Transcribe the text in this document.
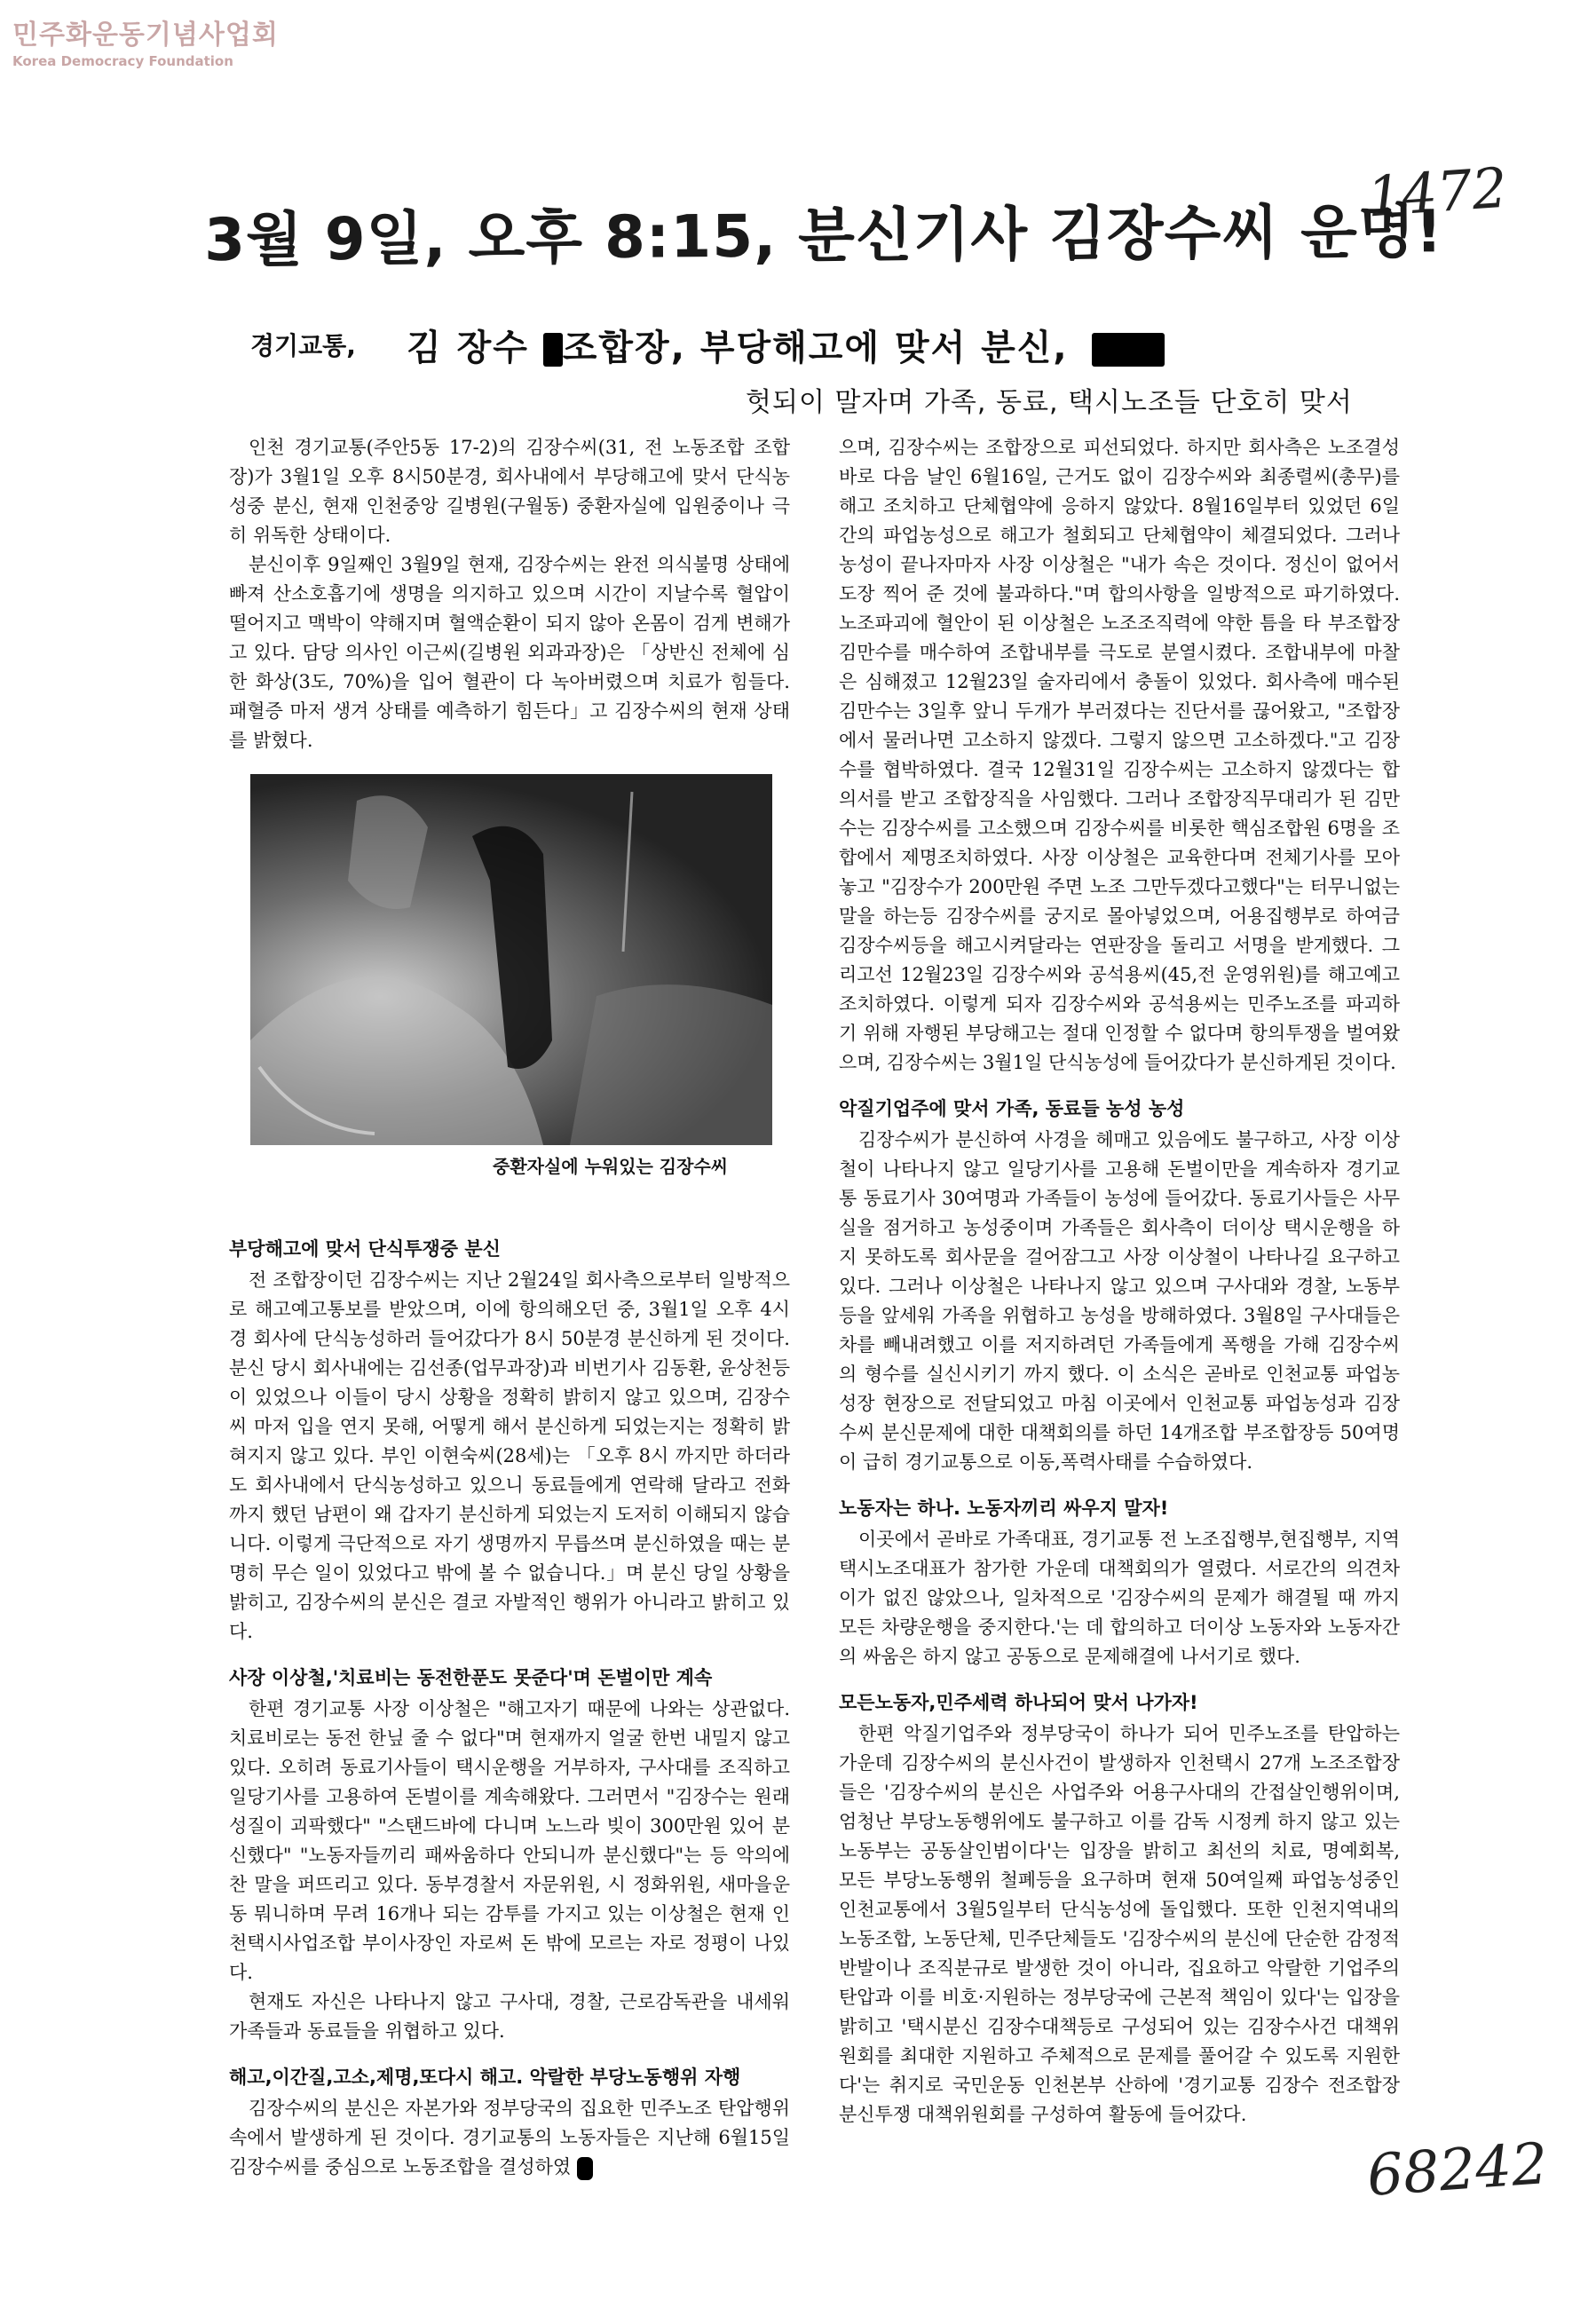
민주화운동기념사업회
Korea Democracy Foundation
1472
3월 9일, 오후 8:15, 분신기사 김장수씨 운명!
경기교통, 김 장수 조합장, 부당해고에 맞서 분신,
헛되이 말자며 가족, 동료, 택시노조들 단호히 맞서

인천 경기교통(주안5동 17-2)의 김장수씨(31, 전 노동조합 조합장)가 3월1일 오후 8시50분경, 회사내에서 부당해고에 맞서 단식농성중 분신, 현재 인천중앙 길병원(구월동) 중환자실에 입원중이나 극히 위독한 상태이다.

분신이후 9일째인 3월9일 현재, 김장수씨는 완전 의식불명 상태에 빠져 산소호흡기에 생명을 의지하고 있으며 시간이 지날수록 혈압이 떨어지고 맥박이 약해지며 혈액순환이 되지 않아 온몸이 검게 변해가고 있다. 담당 의사인 이근씨(길병원 외과과장)은 「상반신 전체에 심한 화상(3도, 70%)을 입어 혈관이 다 녹아버렸으며 치료가 힘들다. 패혈증 마저 생겨 상태를 예측하기 힘든다」고 김장수씨의 현재 상태를 밝혔다.

중환자실에 누워있는 김장수씨
부당해고에 맞서 단식투쟁중 분신

전 조합장이던 김장수씨는 지난 2월24일 회사측으로부터 일방적으로 해고예고통보를 받았으며, 이에 항의해오던 중, 3월1일 오후 4시경 회사에 단식농성하러 들어갔다가 8시 50분경 분신하게 된 것이다. 분신 당시 회사내에는 김선종(업무과장)과 비번기사 김동환, 윤상천등이 있었으나 이들이 당시 상황을 정확히 밝히지 않고 있으며, 김장수씨 마저 입을 연지 못해, 어떻게 해서 분신하게 되었는지는 정확히 밝혀지지 않고 있다. 부인 이현숙씨(28세)는 「오후 8시 까지만 하더라도 회사내에서 단식농성하고 있으니 동료들에게 연락해 달라고 전화까지 했던 남편이 왜 갑자기 분신하게 되었는지 도저히 이해되지 않습니다. 이렇게 극단적으로 자기 생명까지 무릅쓰며 분신하였을 때는 분명히 무슨 일이 있었다고 밖에 볼 수 없습니다.」며 분신 당일 상황을 밝히고, 김장수씨의 분신은 결코 자발적인 행위가 아니라고 밝히고 있다.

사장 이상철,'치료비는 동전한푼도 못준다'며 돈벌이만 계속

한편 경기교통 사장 이상철은 "해고자기 때문에 나와는 상관없다. 치료비로는 동전 한닢 줄 수 없다"며 현재까지 얼굴 한번 내밀지 않고 있다. 오히려 동료기사들이 택시운행을 거부하자, 구사대를 조직하고 일당기사를 고용하여 돈벌이를 계속해왔다. 그러면서 "김장수는 원래 성질이 괴팍했다" "스탠드바에 다니며 노느라 빚이 300만원 있어 분신했다" "노동자들끼리 패싸움하다 안되니까 분신했다"는 등 악의에 찬 말을 퍼뜨리고 있다. 동부경찰서 자문위원, 시 정화위원, 새마을운동 뭐니하며 무려 16개나 되는 감투를 가지고 있는 이상철은 현재 인천택시사업조합 부이사장인 자로써 돈 밖에 모르는 자로 정평이 나있다.

현재도 자신은 나타나지 않고 구사대, 경찰, 근로감독관을 내세워 가족들과 동료들을 위협하고 있다.

해고,이간질,고소,제명,또다시 해고. 악랄한 부당노동행위 자행

김장수씨의 분신은 자본가와 정부당국의 집요한 민주노조 탄압행위 속에서 발생하게 된 것이다. 경기교통의 노동자들은 지난해 6월15일 김장수씨를 중심으로 노동조합을 결성하였

으며, 김장수씨는 조합장으로 피선되었다. 하지만 회사측은 노조결성 바로 다음 날인 6월16일, 근거도 없이 김장수씨와 최종렬씨(총무)를 해고 조치하고 단체협약에 응하지 않았다. 8월16일부터 있었던 6일간의 파업농성으로 해고가 철회되고 단체협약이 체결되었다. 그러나 농성이 끝나자마자 사장 이상철은 "내가 속은 것이다. 정신이 없어서 도장 찍어 준 것에 불과하다."며 합의사항을 일방적으로 파기하였다. 노조파괴에 혈안이 된 이상철은 노조조직력에 약한 틈을 타 부조합장 김만수를 매수하여 조합내부를 극도로 분열시켰다. 조합내부에 마찰은 심해졌고 12월23일 술자리에서 충돌이 있었다. 회사측에 매수된 김만수는 3일후 앞니 두개가 부러졌다는 진단서를 끊어왔고, "조합장에서 물러나면 고소하지 않겠다. 그렇지 않으면 고소하겠다."고 김장수를 협박하였다. 결국 12월31일 김장수씨는 고소하지 않겠다는 합의서를 받고 조합장직을 사임했다. 그러나 조합장직무대리가 된 김만수는 김장수씨를 고소했으며 김장수씨를 비롯한 핵심조합원 6명을 조합에서 제명조치하였다. 사장 이상철은 교육한다며 전체기사를 모아놓고 "김장수가 200만원 주면 노조 그만두겠다고했다"는 터무니없는 말을 하는등 김장수씨를 궁지로 몰아넣었으며, 어용집행부로 하여금 김장수씨등을 해고시켜달라는 연판장을 돌리고 서명을 받게했다. 그리고선 12월23일 김장수씨와 공석용씨(45,전 운영위원)를 해고예고조치하였다. 이렇게 되자 김장수씨와 공석용씨는 민주노조를 파괴하기 위해 자행된 부당해고는 절대 인정할 수 없다며 항의투쟁을 벌여왔으며, 김장수씨는 3월1일 단식농성에 들어갔다가 분신하게된 것이다.

악질기업주에 맞서 가족, 동료들 농성 농성

김장수씨가 분신하여 사경을 헤매고 있음에도 불구하고, 사장 이상철이 나타나지 않고 일당기사를 고용해 돈벌이만을 계속하자 경기교통 동료기사 30여명과 가족들이 농성에 들어갔다. 동료기사들은 사무실을 점거하고 농성중이며 가족들은 회사측이 더이상 택시운행을 하지 못하도록 회사문을 걸어잠그고 사장 이상철이 나타나길 요구하고 있다. 그러나 이상철은 나타나지 않고 있으며 구사대와 경찰, 노동부등을 앞세워 가족을 위협하고 농성을 방해하였다. 3월8일 구사대들은 차를 빼내려했고 이를 저지하려던 가족들에게 폭행을 가해 김장수씨의 형수를 실신시키기 까지 했다. 이 소식은 곧바로 인천교통 파업농성장 현장으로 전달되었고 마침 이곳에서 인천교통 파업농성과 김장수씨 분신문제에 대한 대책회의를 하던 14개조합 부조합장등 50여명이 급히 경기교통으로 이동,폭력사태를 수습하였다.

노동자는 하나. 노동자끼리 싸우지 말자!

이곳에서 곧바로 가족대표, 경기교통 전 노조집행부,현집행부, 지역 택시노조대표가 참가한 가운데 대책회의가 열렸다. 서로간의 의견차이가 없진 않았으나, 일차적으로 '김장수씨의 문제가 해결될 때 까지 모든 차량운행을 중지한다.'는 데 합의하고 더이상 노동자와 노동자간의 싸움은 하지 않고 공동으로 문제해결에 나서기로 했다.

모든노동자,민주세력 하나되어 맞서 나가자!

한편 악질기업주와 정부당국이 하나가 되어 민주노조를 탄압하는 가운데 김장수씨의 분신사건이 발생하자 인천택시 27개 노조조합장들은 '김장수씨의 분신은 사업주와 어용구사대의 간접살인행위이며, 엄청난 부당노동행위에도 불구하고 이를 감독 시정케 하지 않고 있는 노동부는 공동살인범이다'는 입장을 밝히고 최선의 치료, 명예회복, 모든 부당노동행위 철폐등을 요구하며 현재 50여일째 파업농성중인 인천교통에서 3월5일부터 단식농성에 돌입했다. 또한 인천지역내의 노동조합, 노동단체, 민주단체들도 '김장수씨의 분신에 단순한 감정적 반발이나 조직분규로 발생한 것이 아니라, 집요하고 악랄한 기업주의 탄압과 이를 비호·지원하는 정부당국에 근본적 책임이 있다'는 입장을 밝히고 '택시분신 김장수대책등로 구성되어 있는 김장수사건 대책위원회를 최대한 지원하고 주체적으로 문제를 풀어갈 수 있도록 지원한다'는 취지로 국민운동 인천본부 산하에 '경기교통 김장수 전조합장 분신투쟁 대책위원회를 구성하여 활동에 들어갔다.

68242
